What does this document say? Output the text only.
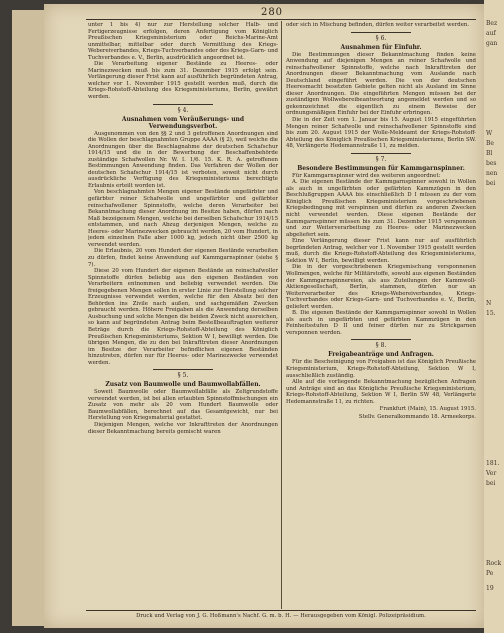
280

unter 1 bis 4) nur zur Herstellung solcher Halb- und Fertigerzeugnisse erfolgen, deren Anfertigung vom Königlich Preußischen Kriegsministerium oder Reichs-Marine-Amt unmittelbar, mittelbar oder durch Vermittlung des Kriegs-Webereiverbandes, Kriegs-Tuchverbandes oder des Kriegs-Garn- und Tuchverbandes e. V., Berlin, ausdrücklich angeordnet ist.

Die Verarbeitung eigener Bestände zu Heeres- oder Marinezwecken muß bis zum 31. Dezember 1915 erfolgt sein. Verlängerung dieser Frist kann auf ausführlich begründeten Antrag, welcher vor 1. November 1915 gestellt werden muß, durch die Kriegs-Rohstoff-Abteilung des Kriegsministeriums, Berlin, gewährt werden.

§ 4.
Ausnahmen vom Veräußerungs- und Verwendungsverbot.

Ausgenommen von den §§ 2 und 3 getroffenen Anordnungen sind die Wollen der beschlagnahmten Gruppe AAAA (§ 2), weil welche die Anordnungen über die Beschlagnahme der deutschen Schafschur 1914/15 und die in der Bewerbung der Beschaffenbehörde zuständige Schafwollen Nr. W. I. 1/6. 15. K. R. A. getroffenen Bestimmungen Anwendung finden. Das Verfahren der Wollen der deutschen Schafschur 1914/15 ist verboten, soweit nicht durch ausdrückliche Verfügung des Kriegsministeriums berechtigte Erlaubnis erteilt worden ist.

Von beschlagnahmten Mengen eigener Bestände ungefärbter und gefärbter reiner Schafwolle und ungefärbter und gefärbter reinschafwollener Spinnstoffe, welche deren Verarbeiter bei Bekanntmachung dieser Anordnung im Besitze haben, dürfen nach Maß bezeigenem Mengen, welche bei derselben Schafschur 1914/15 entstammen, und nach Abzug derjenigen Mengen, welche zu Heeres- oder Marinezwecken gebraucht werden, 20 vom Hundert, in jedem einzelnen Falle aber 1000 kg, jedoch nicht über 2500 kg verwendet werden.

Die Erlaubnis, 20 vom Hundert der eigenen Bestände verarbeiten zu dürfen, findet keine Anwendung auf Kammgarnspinner (siehe § 7).

Diese 20 vom Hundert der eigenen Bestände an reinschafwoller Spinnstoffe dürfen beliebig aus den eigenen Beständen von Verarbeitern entnommen und beliebig verwendet werden. Die freigegebenen Mengen sollen in erster Linie zur Herstellung solcher Erzeugnisse verwendet werden, welche für den Absatz bei den Behörden ins Zivile nach außen, und sachgemäßen Zwecken gebraucht werden. Höhere Freigaben als die Anwendung derselben Ausbuchung und solche Mengen die beiden Zweck nicht ausreichen, so kann auf begründeten Antrag beim Bestellbeauftragten weiterer Beträge durch die Kriegs-Rohstoff-Abteilung des Königlich Preußischen Kriegsministeriums, Sektion W I, bewilligt werden. Die übrigen Mengen, die zu den bei Inkrafttreten dieser Anordnungen im Besitze der Verarbeiter befindlichen eigenen Beständen hinzutreten, dürfen nur für Heeres- oder Marinezwecke verwendet werden.

§ 5.
Zusatz von Baumwolle und Baumwollabfällen.

Soweit Baumwolle oder Baumwollabfälle als Zeltgrundstoffe verwendet werden, ist bei allen erlaubten Spinnstoffmischungen ein Zusatz von mehr als 20 vom Hundert Baumwolle oder Baumwollabfällen, berechnet auf das Gesamtgewicht, nur bei Herstellung von Kriegsmaterial gestattet.

Diejenigen Mengen, welche vor Inkrafttreten der Anordnungen dieser Bekanntmachung bereits gemischt waren

oder sich in Mischung befinden, dürfen weiter verarbeitet werden.

§ 6.
Ausnahmen für Einfuhr.

Die Bestimmungen dieser Bekanntmachung finden keine Anwendung auf diejenigen Mengen an reiner Schafwolle und reinschafwollener Spinnstoffe, welche nach Inkrafttreten der Anordnungen dieser Bekanntmachung vom Auslande nach Deutschland eingeführt werden. Die von der deutschen Heeresmacht besetzten Gebiete gelten nicht als Ausland im Sinne dieser Anordnungen. Die eingeführten Mengen müssen bei der zuständigen Wollwebereibeantwortung angemeldet werden und so gekennzeichnet die eigentlich zu einem Beweise der ordnungsmäßigen Einfuhr bei der Einfuhr erbringen.

Die in der Zeit vom 1. Januar bis 15. August 1915 eingeführten Mengen reiner Schafwolle und reinschafwollener Spinnstoffe sind bis zum 20. August 1915 der Wolle-Meldeamt der Kriegs-Rohstoff-Abteilung des Königlich Preußischen Kriegsministeriums, Berlin SW. 48, Verlängerte Hedemannstraße 11, zu melden.

§ 7.
Besondere Bestimmungen für Kammgarnspinner.

Für Kammgarnspinner wird des weiteren angeordnet:

A. Die eigenen Bestände der Kammgarnspinner sowohl in Wollen als auch in ungefärbten oder gefärbten Kammzügen in den Beschlußgruppen AAAA bis einschließlich D I müssen zu der vom Königlich Preußischen Kriegsministerium vorgeschriebenen Kriegsbedingung mit verspinnen und dürfen zu anderen Zwecken nicht verwendet werden. Diese eigenen Bestände der Kammgarnspinner müssen bis zum 31. Dezember 1915 versponnen und zur Weiterverarbeitung zu Heeres- oder Marinezwecken abgeliefert sein.

Eine Verlängerung dieser Frist kann nur auf ausführlich begründeten Antrag, welcher vor 1. November 1915 gestellt werden muß, durch die Kriegs-Rohstoff-Abteilung des Kriegsministeriums, Sektion W I, Berlin, bewilligt werden.

Die in der vorgeschriebenen Kriegsmischung versponnenen Wollmengen, welche für Militärstoffe, sowohl aus eigenen Beständen der Kammgarnspinnereien, als aus Zuteilungen der Kammwoll-Aktiengesellschaft, Berlin, stammen, dürfen nur an Weiterverarbeiter des Kriegs-Webereiverbandes, Kriegs-Tuchverbandes oder Kriegs-Garn- und Tuchverbandes e. V., Berlin, geliefert werden.

B. Die eigenen Bestände der Kammgarnspinner sowohl in Wollen als auch in ungefärbten und gefärbten Kammzügen in den Feinheitsstufen D II und feiner dürfen nur zu Strickgarnen versponnen werden.

§ 8.
Freigabeanträge und Anfragen.

Für die Bescheinigung von Freigaben ist das Königlich Preußische Kriegsministerium, Kriegs-Rohstoff-Abteilung, Sektion W I, ausschließlich zuständig.

Alle auf die vorliegende Bekanntmachung bezüglichen Anfragen und Anträge sind an das Königliche Preußische Kriegsministerium, Kriegs-Rohstoff-Abteilung, Sektion W I, Berlin SW 48, Verlängerte Hedemannstraße 11, zu richten.

Frankfurt (Main), 15. August 1915.
Stellv. Generalkommando 18. Armeekorps.
Druck und Verlag von J. G. Hoßmann's Nachf. G. m. b. H. — Herausgegeben vom Königl. Polizeipräsidium.
Bez
auf
gan
W
Be
Bl
bes
nen
bei
N
15.
181.
Ver
bei
Rock
Pe
19
